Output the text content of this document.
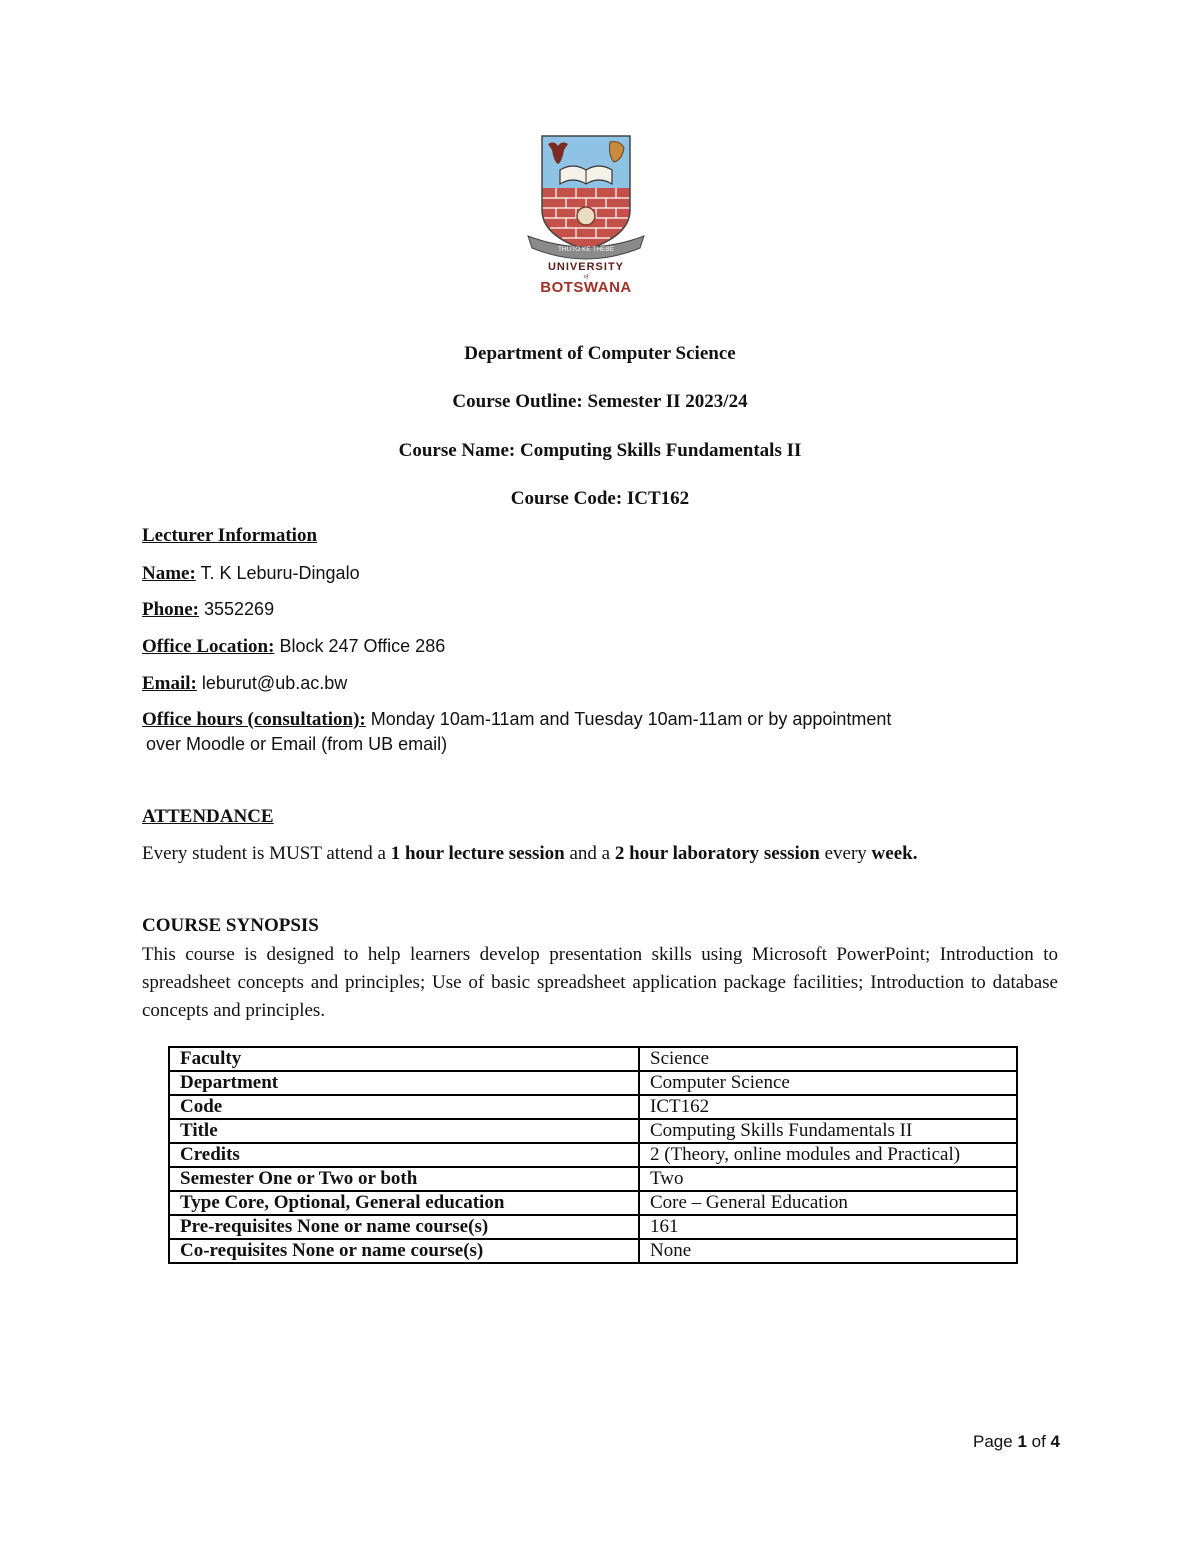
THUTO KE THEBE
UNIVERSITY
of
BOTSWANA
Department of Computer Science
Course Outline: Semester II 2023/24
Course Name: Computing Skills Fundamentals II
Course Code: ICT162
Lecturer Information
Name: T. K Leburu-Dingalo
Phone: 3552269
Office Location: Block 247 Office 286
Email: leburut@ub.ac.bw
Office hours (consultation): Monday 10am-11am and Tuesday 10am-11am or by appointment
over Moodle or Email (from UB email)
ATTENDANCE
Every student is MUST attend a 1 hour lecture session and a 2 hour laboratory session every week.
COURSE SYNOPSIS
This course is designed to help learners develop presentation skills using Microsoft PowerPoint; Introduction to spreadsheet concepts and principles; Use of basic spreadsheet application package facilities; Introduction to database concepts and principles.
Faculty	Science
Department	Computer Science
Code	ICT162
Title	Computing Skills Fundamentals II
Credits	2 (Theory, online modules and Practical)
Semester One or Two or both	Two
Type Core, Optional, General education	Core – General Education
Pre-requisites None or name course(s)	161
Co-requisites None or name course(s)	None
Page 1 of 4
